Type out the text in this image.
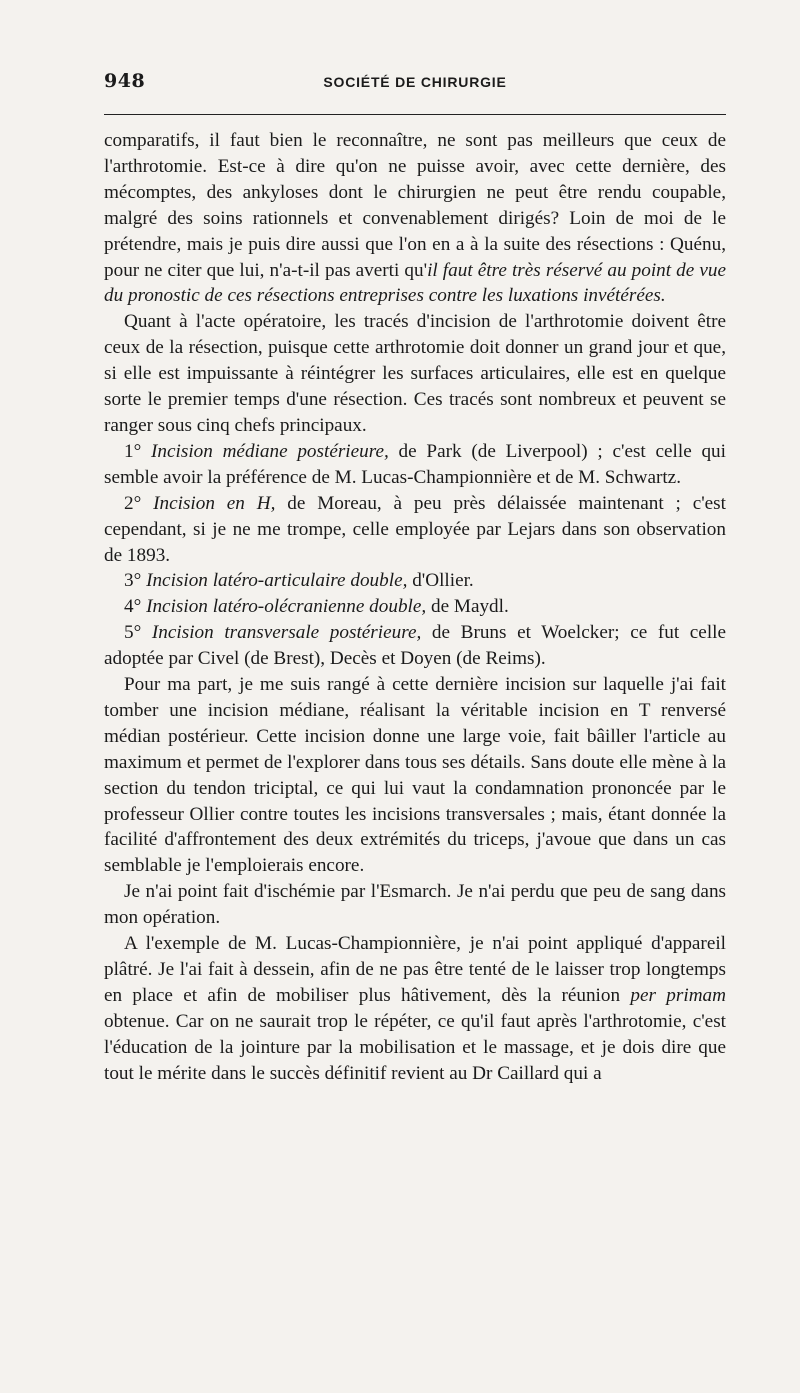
948	SOCIÉTÉ DE CHIRURGIE

comparatifs, il faut bien le reconnaître, ne sont pas meilleurs que ceux de l'arthrotomie. Est-ce à dire qu'on ne puisse avoir, avec cette dernière, des mécomptes, des ankyloses dont le chirurgien ne peut être rendu coupable, malgré des soins rationnels et convenablement dirigés? Loin de moi de le prétendre, mais je puis dire aussi que l'on en a à la suite des résections : Quénu, pour ne citer que lui, n'a-t-il pas averti qu'il faut être très réservé au point de vue du pronostic de ces résections entreprises contre les luxations invétérées.

Quant à l'acte opératoire, les tracés d'incision de l'arthrotomie doivent être ceux de la résection, puisque cette arthrotomie doit donner un grand jour et que, si elle est impuissante à réintégrer les surfaces articulaires, elle est en quelque sorte le premier temps d'une résection. Ces tracés sont nombreux et peuvent se ranger sous cinq chefs principaux.

1° Incision médiane postérieure, de Park (de Liverpool) ; c'est celle qui semble avoir la préférence de M. Lucas-Championnière et de M. Schwartz.

2° Incision en H, de Moreau, à peu près délaissée maintenant ; c'est cependant, si je ne me trompe, celle employée par Lejars dans son observation de 1893.

3° Incision latéro-articulaire double, d'Ollier.

4° Incision latéro-olécranienne double, de Maydl.

5° Incision transversale postérieure, de Bruns et Woelcker; ce fut celle adoptée par Civel (de Brest), Decès et Doyen (de Reims).

Pour ma part, je me suis rangé à cette dernière incision sur laquelle j'ai fait tomber une incision médiane, réalisant la véritable incision en T renversé médian postérieur. Cette incision donne une large voie, fait bâiller l'article au maximum et permet de l'explorer dans tous ses détails. Sans doute elle mène à la section du tendon triciptal, ce qui lui vaut la condamnation prononcée par le professeur Ollier contre toutes les incisions transversales ; mais, étant donnée la facilité d'affrontement des deux extrémités du triceps, j'avoue que dans un cas semblable je l'emploierais encore.

Je n'ai point fait d'ischémie par l'Esmarch. Je n'ai perdu que peu de sang dans mon opération.

A l'exemple de M. Lucas-Championnière, je n'ai point appliqué d'appareil plâtré. Je l'ai fait à dessein, afin de ne pas être tenté de le laisser trop longtemps en place et afin de mobiliser plus hâtivement, dès la réunion per primam obtenue. Car on ne saurait trop le répéter, ce qu'il faut après l'arthrotomie, c'est l'éducation de la jointure par la mobilisation et le massage, et je dois dire que tout le mérite dans le succès définitif revient au Dr Caillard qui a
